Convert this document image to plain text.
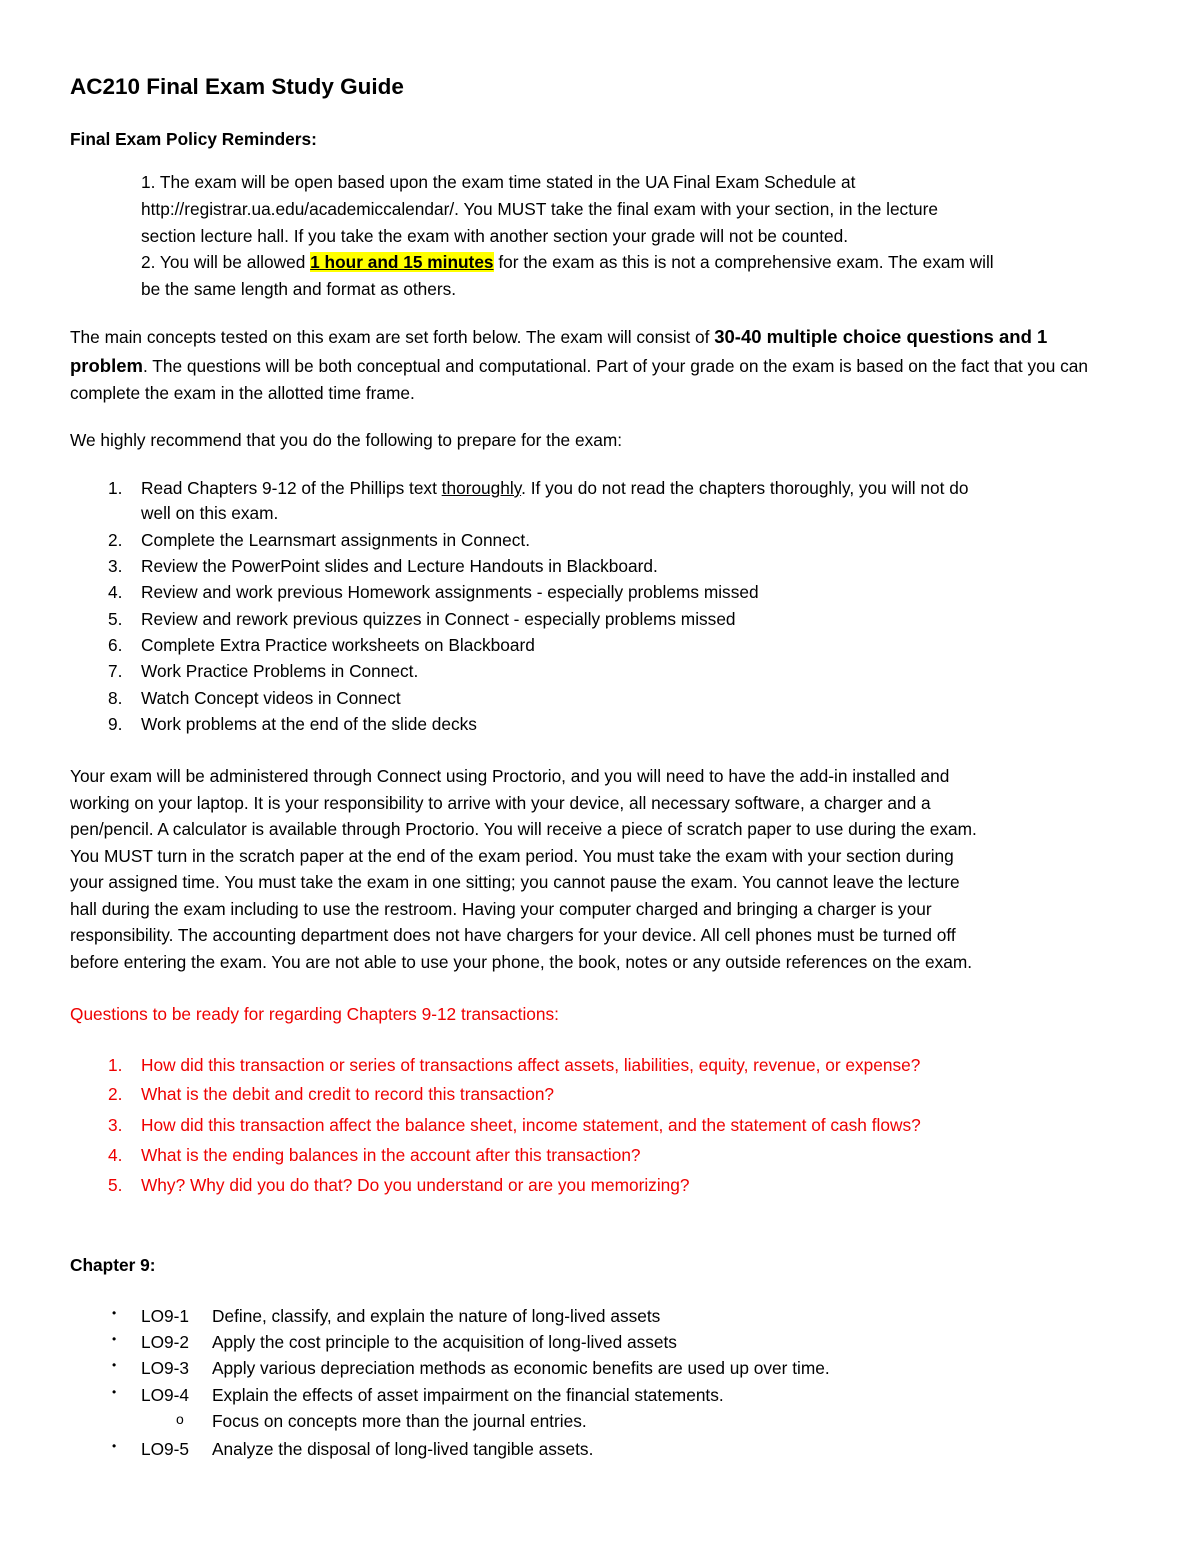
AC210 Final Exam Study Guide

Final Exam Policy Reminders:

1. The exam will be open based upon the exam time stated in the UA Final Exam Schedule at
http://registrar.ua.edu/academiccalendar/. You MUST take the final exam with your section, in the lecture
section lecture hall. If you take the exam with another section your grade will not be counted.
2. You will be allowed 1 hour and 15 minutes for the exam as this is not a comprehensive exam. The exam will
be the same length and format as others.

The main concepts tested on this exam are set forth below. The exam will consist of 30-40 multiple choice questions and 1 problem. The questions will be both conceptual and computational. Part of your grade on the exam is based on the fact that you can complete the exam in the allotted time frame.

We highly recommend that you do the following to prepare for the exam:
1. Read Chapters 9-12 of the Phillips text thoroughly. If you do not read the chapters thoroughly, you will not do
well on this exam.
2. Complete the Learnsmart assignments in Connect.
3. Review the PowerPoint slides and Lecture Handouts in Blackboard.
4. Review and work previous Homework assignments - especially problems missed
5. Review and rework previous quizzes in Connect - especially problems missed
6. Complete Extra Practice worksheets on Blackboard
7. Work Practice Problems in Connect.
8. Watch Concept videos in Connect
9. Work problems at the end of the slide decks
Your exam will be administered through Connect using Proctorio, and you will need to have the add-in installed and
working on your laptop. It is your responsibility to arrive with your device, all necessary software, a charger and a
pen/pencil. A calculator is available through Proctorio. You will receive a piece of scratch paper to use during the exam.
You MUST turn in the scratch paper at the end of the exam period. You must take the exam with your section during
your assigned time. You must take the exam in one sitting; you cannot pause the exam. You cannot leave the lecture
hall during the exam including to use the restroom. Having your computer charged and bringing a charger is your
responsibility. The accounting department does not have chargers for your device. All cell phones must be turned off
before entering the exam. You are not able to use your phone, the book, notes or any outside references on the exam.
Questions to be ready for regarding Chapters 9-12 transactions:
1. How did this transaction or series of transactions affect assets, liabilities, equity, revenue, or expense?
2. What is the debit and credit to record this transaction?
3. How did this transaction affect the balance sheet, income statement, and the statement of cash flows?
4. What is the ending balances in the account after this transaction?
5. Why? Why did you do that? Do you understand or are you memorizing?
Chapter 9:
• LO9-1 Define, classify, and explain the nature of long-lived assets
• LO9-2 Apply the cost principle to the acquisition of long-lived assets
• LO9-3 Apply various depreciation methods as economic benefits are used up over time.
• LO9-4 Explain the effects of asset impairment on the financial statements.
o Focus on concepts more than the journal entries.
• LO9-5 Analyze the disposal of long-lived tangible assets.
